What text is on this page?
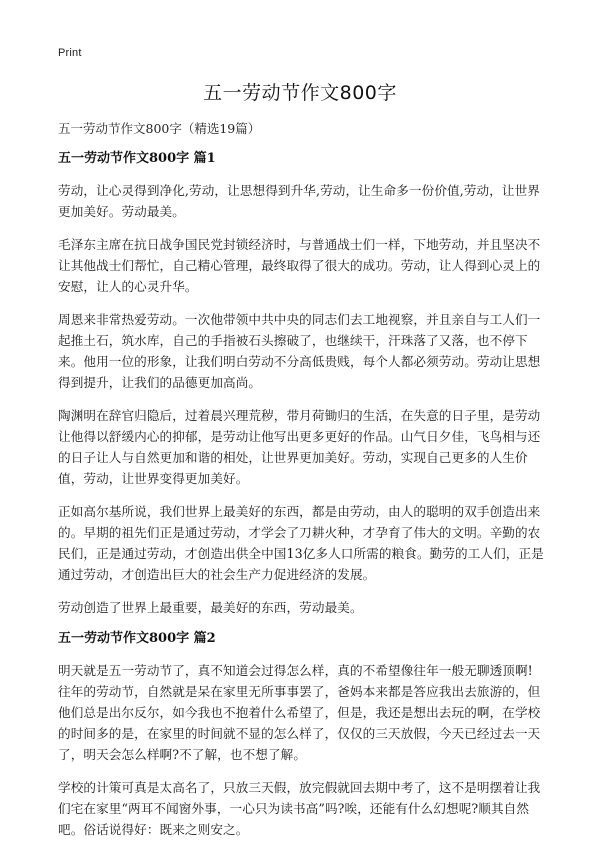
Print
五一劳动节作文800字

五一劳动节作文800字（精选19篇）

五一劳动节作文800字 篇1

劳动，让心灵得到净化,劳动，让思想得到升华,劳动，让生命多一份价值,劳动，让世界更加美好。劳动最美。

毛泽东主席在抗日战争国民党封锁经济时，与普通战士们一样，下地劳动，并且坚决不让其他战士们帮忙，自己精心管理，最终取得了很大的成功。劳动，让人得到心灵上的安慰，让人的心灵升华。

周恩来非常热爱劳动。一次他带领中共中央的同志们去工地视察，并且亲自与工人们一起推土石，筑水库，自己的手指被石头擦破了，也继续干，汗珠落了又落，也不停下来。他用一位的形象，让我们明白劳动不分高低贵贱，每个人都必须劳动。劳动让思想得到提升，让我们的品德更加高尚。

陶渊明在辞官归隐后，过着晨兴理荒秽，带月荷锄归的生活，在失意的日子里，是劳动让他得以舒缓内心的抑郁，是劳动让他写出更多更好的作品。山气日夕佳，飞鸟相与还的日子让人与自然更加和谐的相处，让世界更加美好。劳动，实现自己更多的人生价值，劳动，让世界变得更加美好。

正如高尔基所说，我们世界上最美好的东西，都是由劳动，由人的聪明的双手创造出来的。早期的祖先们正是通过劳动，才学会了刀耕火种，才孕育了伟大的文明。辛勤的农民们，正是通过劳动，才创造出供全中国13亿多人口所需的粮食。勤劳的工人们，正是通过劳动，才创造出巨大的社会生产力促进经济的发展。

劳动创造了世界上最重要，最美好的东西，劳动最美。

五一劳动节作文800字 篇2

明天就是五一劳动节了，真不知道会过得怎么样，真的不希望像往年一般无聊透顶啊!往年的劳动节，自然就是呆在家里无所事事罢了，爸妈本来都是答应我出去旅游的，但他们总是出尔反尔，如今我也不抱着什么希望了，但是，我还是想出去玩的啊，在学校的时间多的是，在家里的时间就不显的怎么样了，仅仅的三天放假，今天已经过去一天了，明天会怎么样啊?不了解，也不想了解。

学校的计策可真是太高名了，只放三天假，放完假就回去期中考了，这不是明摆着让我们宅在家里“两耳不闻窗外事，一心只为读书高”吗?唉，还能有什么幻想呢?顺其自然吧。俗话说得好：既来之则安之。
